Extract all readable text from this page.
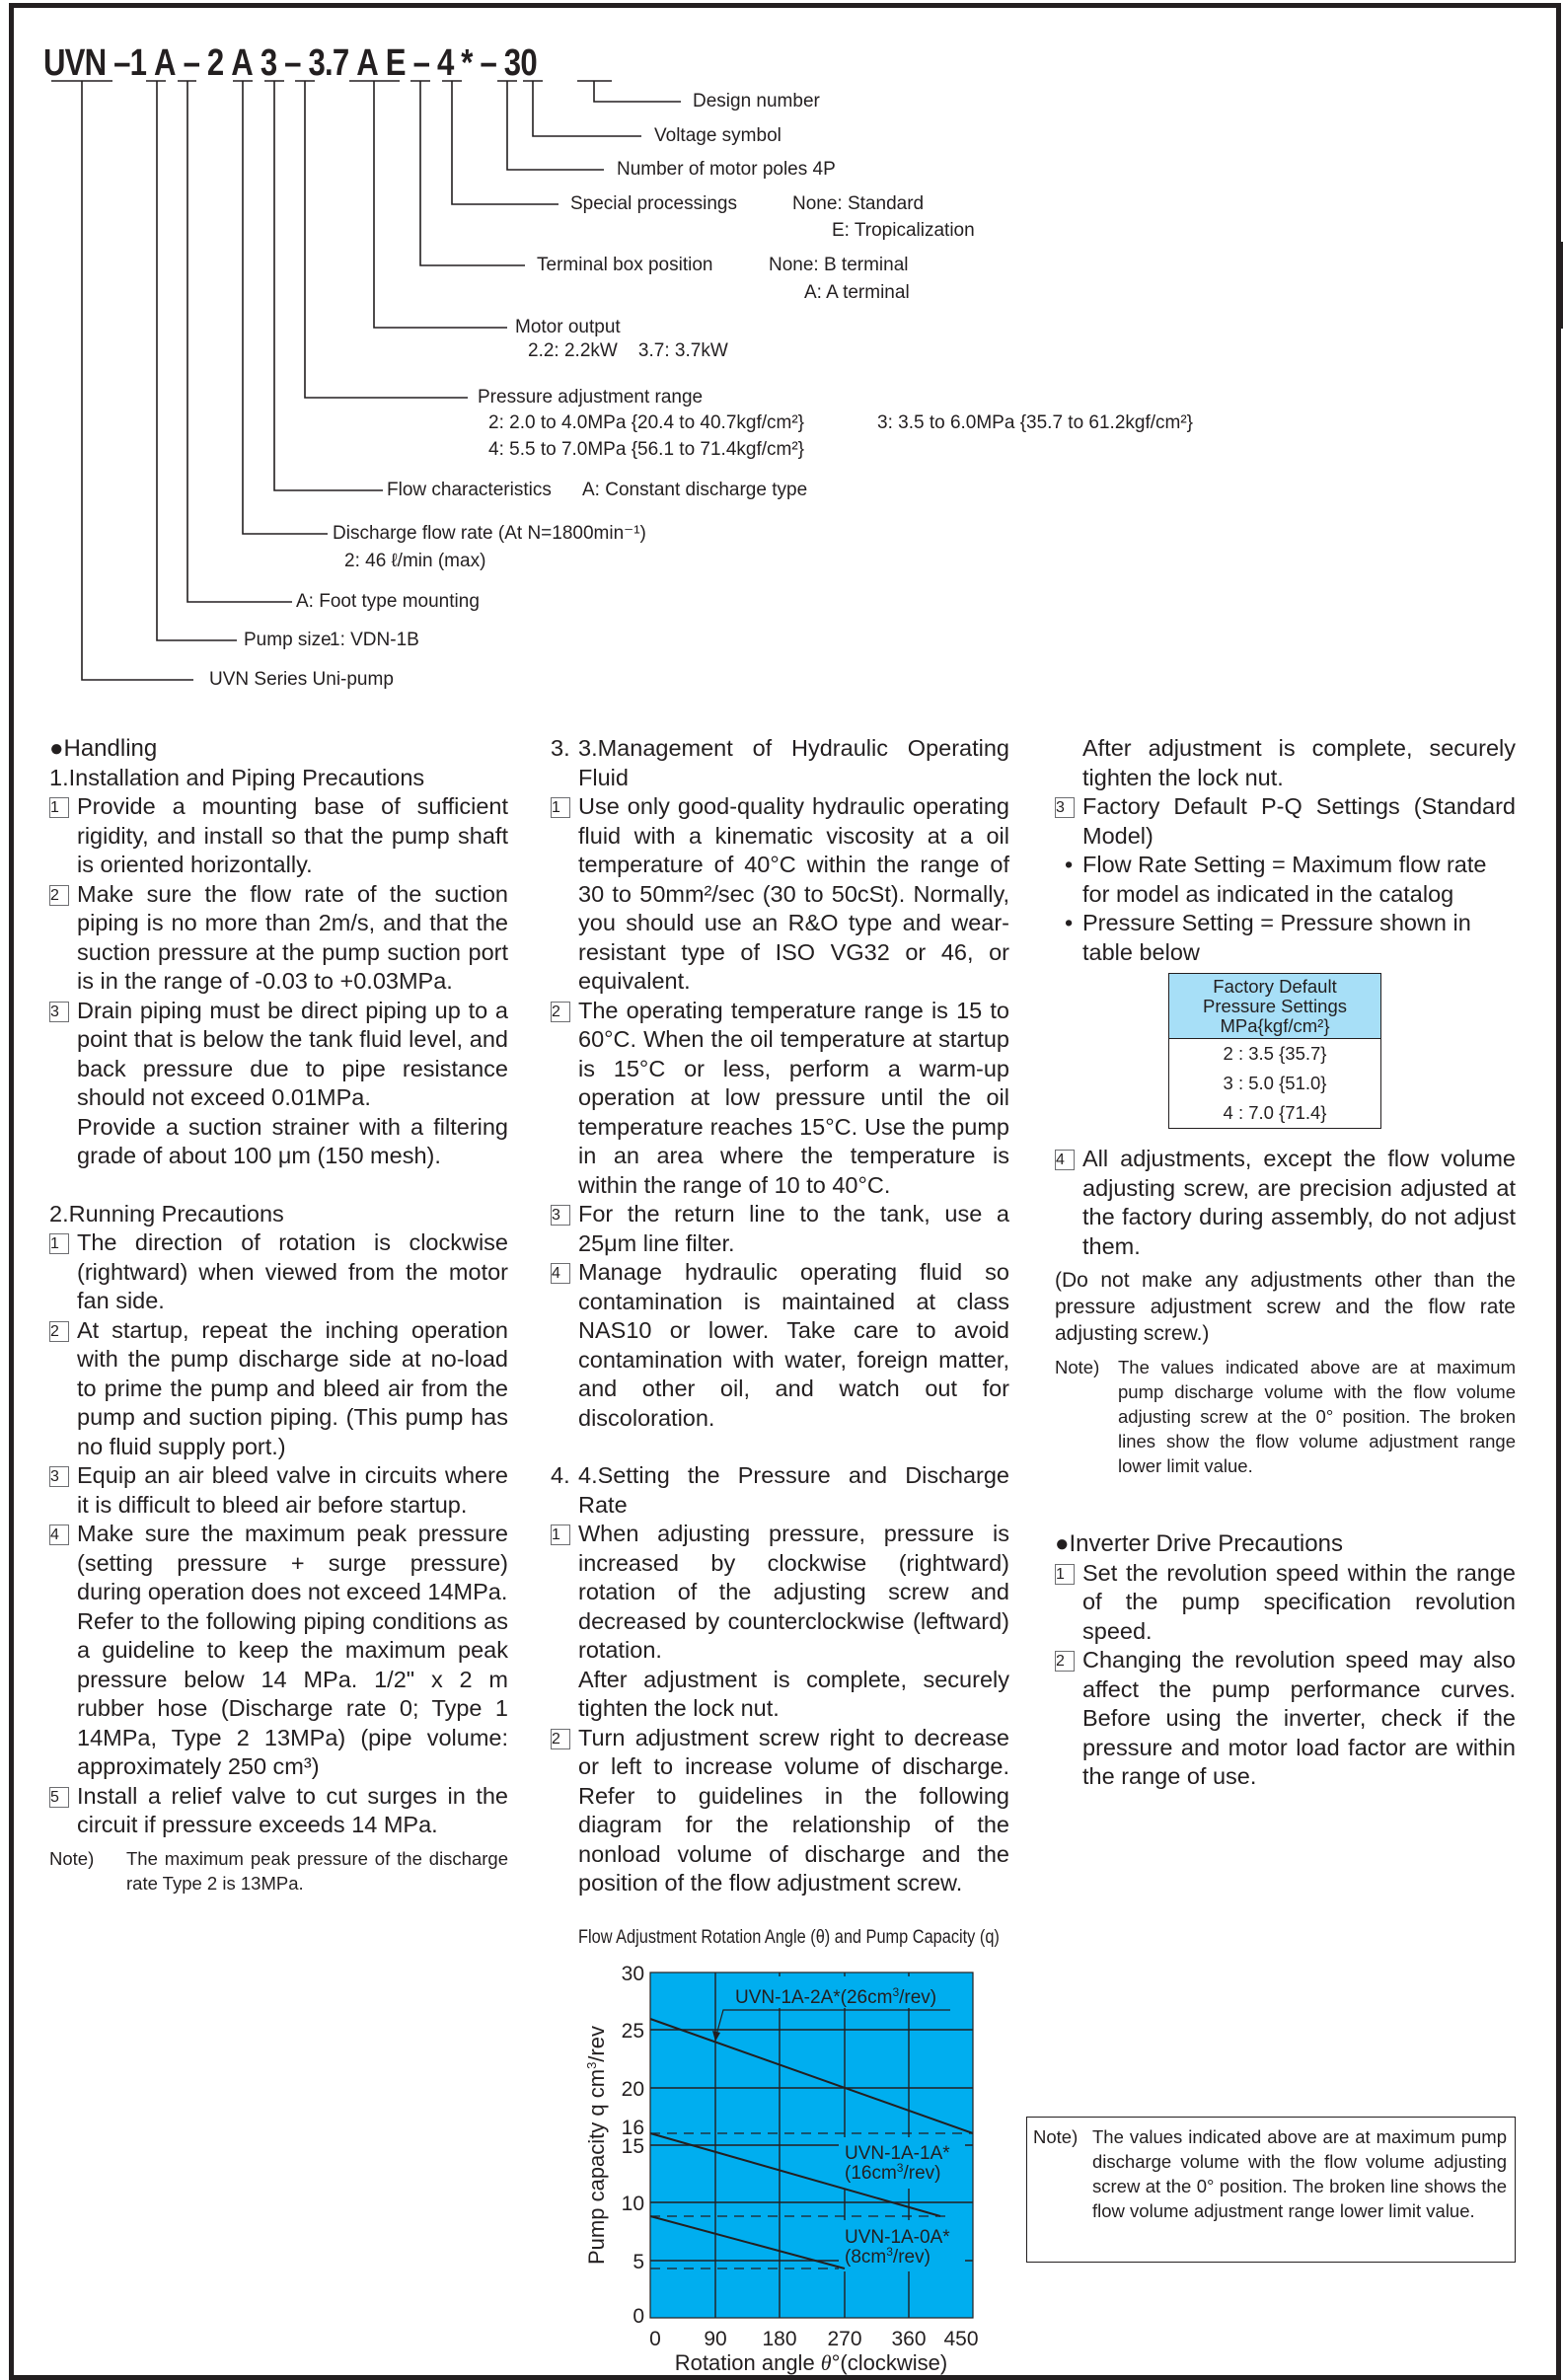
UVN –1 A – 2 A 3 – 3.7 A E – 4 * – 30
Design number
Voltage symbol
Number of motor poles 4P
Special processings	None: Standard
E: Tropicalization
Terminal box position	None: B terminal
A: A terminal
Motor output
2.2: 2.2kW    3.7: 3.7kW
Pressure adjustment range
2: 2.0 to 4.0MPa {20.4 to 40.7kgf/cm²}	3: 3.5 to 6.0MPa {35.7 to 61.2kgf/cm²}
4: 5.5 to 7.0MPa {56.1 to 71.4kgf/cm²}
Flow characteristics A: Constant discharge type
Discharge flow rate (At N=1800min⁻¹)
2: 46 ℓ/min (max)
A: Foot type mounting
Pump size
1: VDN-1B
UVN Series Uni-pump

●Handling

1.Installation and Piping Precautions

1 Provide a mounting base of sufficient rigidity, and install so that the pump shaft is oriented horizontally.

2 Make sure the flow rate of the suction piping is no more than 2m/s, and that the suction pressure at the pump suction port is in the range of -0.03 to +0.03MPa.

3 Drain piping must be direct piping up to a point that is below the tank fluid level, and back pressure due to pipe resistance should not exceed 0.01MPa.

Provide a suction strainer with a filtering grade of about 100 μm (150 mesh).

2.Running Precautions

1 The direction of rotation is clockwise (rightward) when viewed from the motor fan side.

2 At startup, repeat the inching operation with the pump discharge side at no-load to prime the pump and bleed air from the pump and suction piping. (This pump has no fluid supply port.)

3 Equip an air bleed valve in circuits where it is difficult to bleed air before startup.

4 Make sure the maximum peak pressure (setting pressure + surge pressure) during operation does not exceed 14MPa.

Refer to the following piping conditions as a guideline to keep the maximum peak pressure below 14 MPa. 1/2" x 2 m rubber hose (Discharge rate 0; Type 1 14MPa, Type 2 13MPa) (pipe volume: approximately 250 cm³)

5 Install a relief valve to cut surges in the circuit if pressure exceeds 14 MPa.

Note) The maximum peak pressure of the discharge rate Type 2 is 13MPa.

3. 3.Management of Hydraulic Operating Fluid

1 Use only good-quality hydraulic operating fluid with a kinematic viscosity at a oil temperature of 40°C within the range of 30 to 50mm²/sec (30 to 50cSt). Normally, you should use an R&O type and wear-resistant type of ISO VG32 or 46, or equivalent.

2 The operating temperature range is 15 to 60°C. When the oil temperature at startup is 15°C or less, perform a warm-up operation at low pressure until the oil temperature reaches 15°C. Use the pump in an area where the temperature is within the range of 10 to 40°C.

3 For the return line to the tank, use a 25μm line filter.

4 Manage hydraulic operating fluid so contamination is maintained at class NAS10 or lower. Take care to avoid contamination with water, foreign matter, and other oil, and watch out for discoloration.

4. 4.Setting the Pressure and Discharge Rate

1 When adjusting pressure, pressure is increased by clockwise (rightward) rotation of the adjusting screw and decreased by counterclockwise (leftward) rotation.

After adjustment is complete, securely tighten the lock nut.

2 Turn adjustment screw right to decrease or left to increase volume of discharge. Refer to guidelines in the following diagram for the relationship of the nonload volume of discharge and the position of the flow adjustment screw.

After adjustment is complete, securely tighten the lock nut.

3 Factory Default P-Q Settings (Standard Model)

• Flow Rate Setting = Maximum flow rate for model as indicated in the catalog

• Pressure Setting = Pressure shown in table below

Factory Default
Pressure Settings
MPa{kgf/cm²}

2 : 3.5 {35.7}
3 : 5.0 {51.0}
4 : 7.0 {71.4}

4 All adjustments, except the flow volume adjusting screw, are precision adjusted at the factory during assembly, do not adjust them.

(Do not make any adjustments other than the pressure adjustment screw and the flow rate adjusting screw.)

Note) The values indicated above are at maximum pump discharge volume with the flow volume adjusting screw at the 0° position. The broken lines show the flow volume adjustment range lower limit value.

●Inverter Drive Precautions

1 Set the revolution speed within the range of the pump specification revolution speed.

2 Changing the revolution speed may also affect the pump performance curves. Before using the inverter, check if the pressure and motor load factor are within the range of use.

Flow Adjustment Rotation Angle (θ) and Pump Capacity (q)
UVN-$1A-2A*(26cm^3/rev)$
UVN-1A-1A*
$(16cm^3/rev)$
UVN-1A-0A*
$(8cm^3/rev)$
30
25
20
16
15
10
5
0
0 90 180 270 360 450
Rotation angle θ°(clockwise)
Pump capacity q $cm^3$/rev

Note) The values indicated above are at maximum pump discharge volume with the flow volume adjusting screw at the 0° position. The broken line shows the flow volume adjustment range lower limit value.
